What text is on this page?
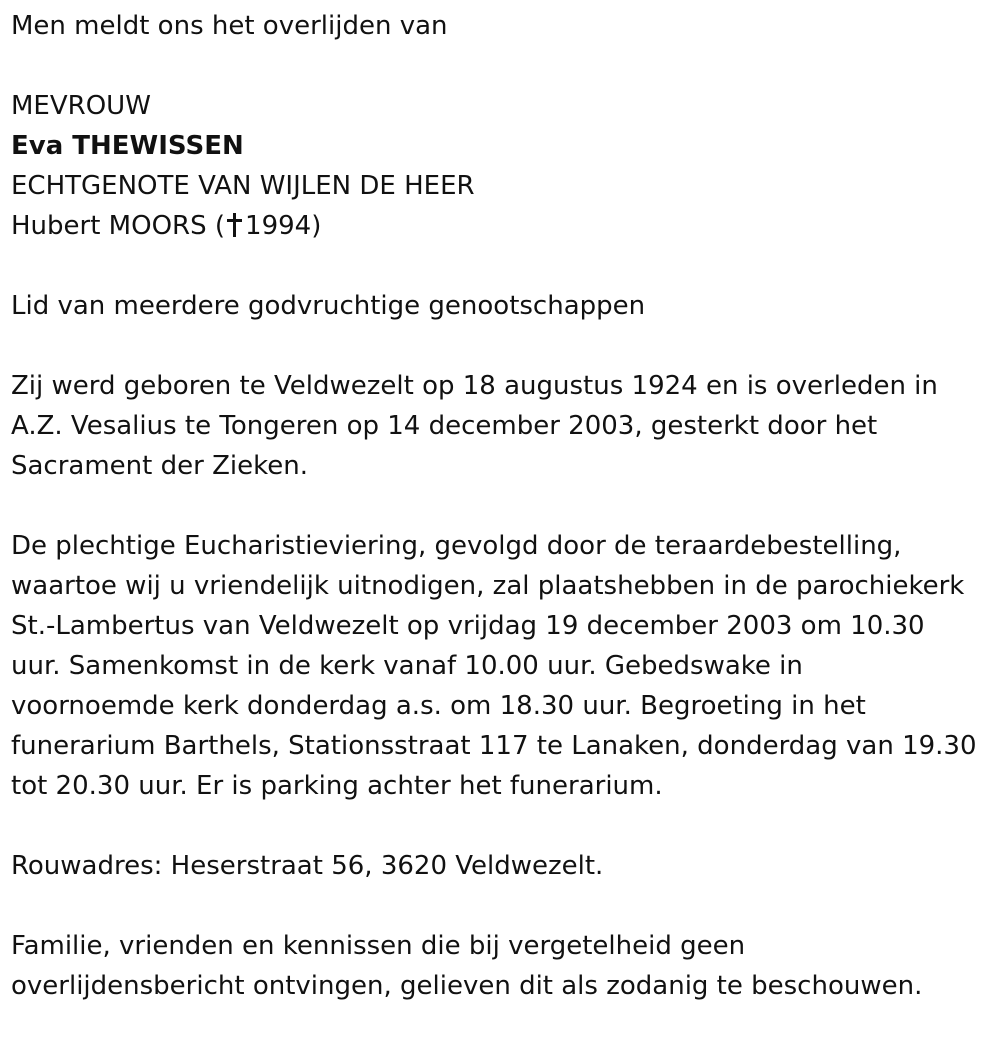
Men meldt ons het overlijden van

MEVROUW

Eva THEWISSEN

ECHTGENOTE VAN WIJLEN DE HEER

Hubert MOORS ( 1994)

Lid van meerdere godvruchtige genootschappen

Zij werd geboren te Veldwezelt op 18 augustus 1924 en is overleden in

A.Z. Vesalius te Tongeren op 14 december 2003, gesterkt door het

Sacrament der Zieken.

De plechtige Eucharistieviering, gevolgd door de teraardebestelling,

waartoe wij u vriendelijk uitnodigen, zal plaatshebben in de parochiekerk

St.-Lambertus van Veldwezelt op vrijdag 19 december 2003 om 10.30

uur. Samenkomst in de kerk vanaf 10.00 uur. Gebedswake in

voornoemde kerk donderdag a.s. om 18.30 uur. Begroeting in het

funerarium Barthels, Stationsstraat 117 te Lanaken, donderdag van 19.30

tot 20.30 uur. Er is parking achter het funerarium.

Rouwadres: Heserstraat 56, 3620 Veldwezelt.

Familie, vrienden en kennissen die bij vergetelheid geen

overlijdensbericht ontvingen, gelieven dit als zodanig te beschouwen.
